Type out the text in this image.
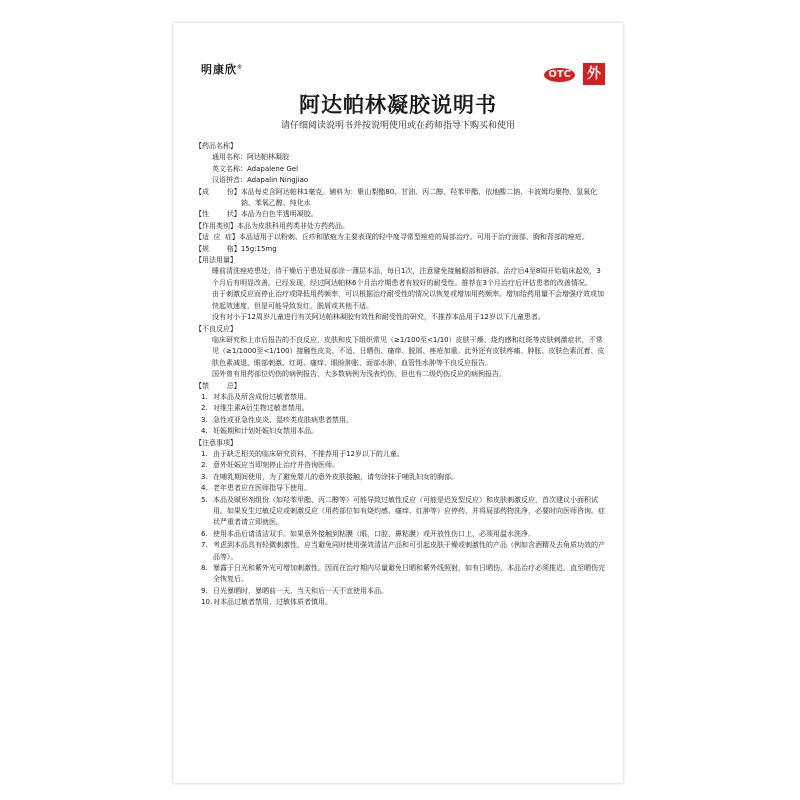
明康欣®
OTC 外
阿达帕林凝胶说明书
请仔细阅读说明书并按说明使用或在药师指导下购买和使用

【药品名称】

通用名称： 阿达帕林凝胶
英文名称： Adapalene Gel
汉语拼音： Adapalin Ningjiao
【成        份】 本品每克含阿达帕林1毫克。辅料为：聚山梨酯80、甘油、丙二醇、羟苯甲酯、依地酸二钠、卡波姆均聚物、氢氧化钠、苯氧乙醇、纯化水
【性        状】 本品为白色半透明凝胶。
【作用类别】 本品为皮肤科用药类非处方药药品。
【适  应  症】 本品适用于以粉刺、丘疹和脓疱为主要表现的轻中度寻常型痤疮的局部治疗。可用于治疗面部、胸和背部的痤疮。
【规        格】 15g:15mg

【用法用量】

睡前清洗痤疮患处，待干燥后于患处局部涂一薄层本品，每日1次，注意避免接触眼部和唇部。治疗后4至8周开始临床起效，3个月后有明显改善。已经发现，经过阿达帕林6个月治疗期患者有较好的耐受性。推荐在3个月治疗后评估患者的改善情况。

由于刺激反应而停止治疗或降低用药频率，可以根据治疗耐受性的情况以恢复或增加用药频率。增加给药用量不会增强疗效或加快起效速度，但是可能导致发红，脱屑或其他不适。

没有对小于12周岁儿童进行有关阿达帕林凝胶有效性和耐受性的研究，不推荐本品用于12岁以下儿童患者。

【不良反应】

临床研究和上市后报告的不良反应，皮肤和皮下组织常见（≥1/100至<1/10）皮肤干燥、烧灼感和红斑等皮肤刺激症状，不常见（≥1/1000至<1/100）接触性皮炎、不适、日晒伤、瘙痒、脱屑、痤疮加重。此外还有皮肤疼痛、肿胀、皮肤色素沉着、皮肤色素减退、眼部刺激、红斑、瘙痒、眼睑肿胀、面部水肿、血管性水肿等不良反应报告。

国外曾有用药部位灼伤的病例报告，大多数病例为浅表灼伤，但也有二级灼伤反应的病例报告。

【禁        忌】

1. 对本品及所含成份过敏者禁用。
2. 对维生素A衍生物过敏者禁用。
3. 急性或亚急性皮炎、湿疹类皮肤病患者禁用。
4. 妊娠期和计划妊娠妇女禁用本品。

【注意事项】

1. 由于缺乏相关的临床研究资料，不推荐用于12岁以下的儿童。
2. 意外妊娠应当即刻停止治疗并咨询医师。
3. 在哺乳期间使用，为了避免婴儿的意外皮肤接触，请勿涂抹于哺乳妇女的胸部。
4. 老年患者应在医师指导下使用。
5. 本品及赋形剂组份（如羟苯甲酯、丙二醇等）可能导致过敏性反应（可能是迟发型反应）和皮肤刺激反应，首次建议小面积试用。如果发生过敏反应或刺激反应（用药部位如有烧灼感、瘙痒、红肿等）应停药，并将局部药物洗净，必要时向医师咨询。症状严重者请立即就医。
6. 使用本品后请清洁双手。如果意外接触到粘膜（眼，口腔，鼻粘膜）或开放性伤口上，必须用温水洗净。
7. 考虑到本品具有轻微刺激性，应当避免同时使用强效清洁产品和可引起皮肤干燥或刺激性的产品（例如含酒精及去角质功效的产品等）。
8. 暴露于日光和紫外光可增加刺激性。因而在治疗期内尽量避免日晒和紫外线照射，如有日晒伤，本品治疗必须推迟，直至晒伤完全恢复后。
9. 日光暴晒时，暴晒前一天、当天和后一天不宜使用本品。
10. 对本品过敏者禁用，过敏体质者慎用。
